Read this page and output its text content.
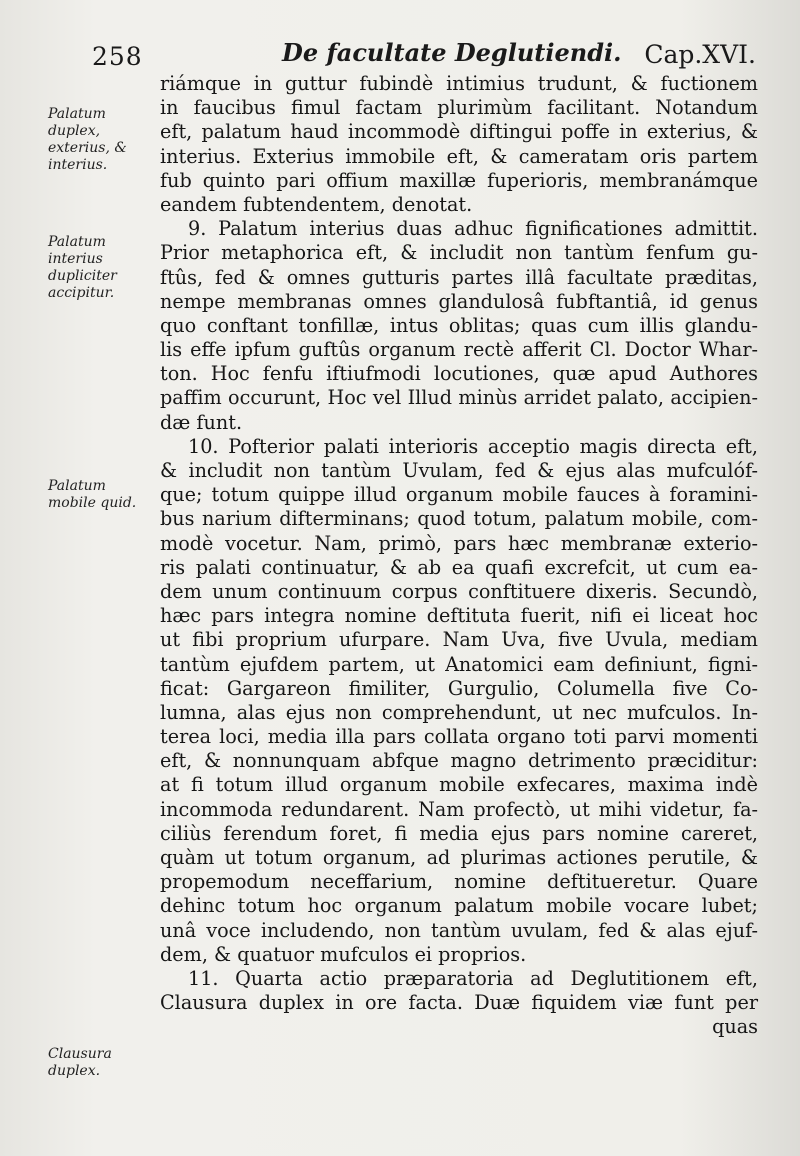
258	De facultate Deglutiendi. Cap.XVI.
Palatum duplex, exterius, & interius.
Palatum interius dupliciter accipitur.
Palatum mobile quid.
Clausura duplex.
riámque in guttur fubindè intimius trudunt, & fuctionem
in faucibus fimul factam plurimùm facilitant. Notandum
eft, palatum haud incommodè diftingui poffe in exterius, &
interius. Exterius immobile eft, & cameratam oris partem
fub quinto pari offium maxillæ fuperioris, membranámque
eandem fubtendentem, denotat.
9. Palatum interius duas adhuc fignificationes admittit.
Prior metaphorica eft, & includit non tantùm fenfum gu-
ftûs, fed & omnes gutturis partes illâ facultate præditas,
nempe membranas omnes glandulosâ fubftantiâ, id genus
quo conftant tonfillæ, intus oblitas; quas cum illis glandu-
lis effe ipfum guftûs organum rectè afferit Cl. Doctor Whar-
ton. Hoc fenfu iftiufmodi locutiones, quæ apud Authores
paffim occurunt, Hoc vel Illud minùs arridet palato, accipien-
dæ funt.
10. Pofterior palati interioris acceptio magis directa eft,
& includit non tantùm Uvulam, fed & ejus alas mufculóf-
que; totum quippe illud organum mobile fauces à foramini-
bus narium difterminans; quod totum, palatum mobile, com-
modè vocetur. Nam, primò, pars hæc membranæ exterio-
ris palati continuatur, & ab ea quafi excrefcit, ut cum ea-
dem unum continuum corpus conftituere dixeris. Secundò,
hæc pars integra nomine deftituta fuerit, nifi ei liceat hoc
ut fibi proprium ufurpare. Nam Uva, five Uvula, mediam
tantùm ejufdem partem, ut Anatomici eam definiunt, figni-
ficat: Gargareon fimiliter, Gurgulio, Columella five Co-
lumna, alas ejus non comprehendunt, ut nec mufculos. In-
terea loci, media illa pars collata organo toti parvi momenti
eft, & nonnunquam abfque magno detrimento præciditur:
at fi totum illud organum mobile exfecares, maxima indè
incommoda redundarent. Nam profectò, ut mihi videtur, fa-
ciliùs ferendum foret, fi media ejus pars nomine careret,
quàm ut totum organum, ad plurimas actiones perutile, &
propemodum neceffarium, nomine deftitueretur. Quare
dehinc totum hoc organum palatum mobile vocare lubet;
unâ voce includendo, non tantùm uvulam, fed & alas ejuf-
dem, & quatuor mufculos ei proprios.
11. Quarta actio præparatoria ad Deglutitionem eft,
Clausura duplex in ore facta. Duæ fiquidem viæ funt per
quas
